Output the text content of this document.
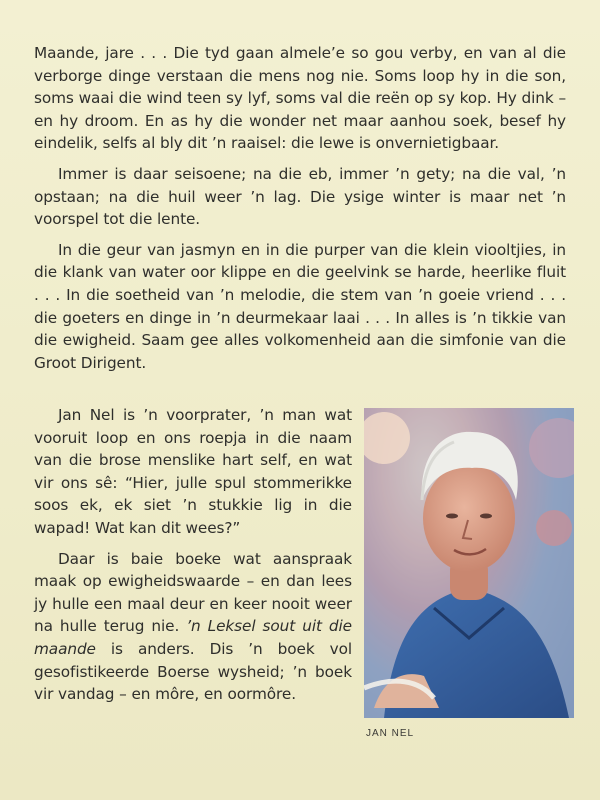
Maande, jare . . . Die tyd gaan almele’e so gou verby, en van al die verborge dinge verstaan die mens nog nie. Soms loop hy in die son, soms waai die wind teen sy lyf, soms val die reën op sy kop. Hy dink – en hy droom. En as hy die wonder net maar aanhou soek, besef hy eindelik, selfs al bly dit ’n raaisel: die lewe is onvernietigbaar.

Immer is daar seisoene; na die eb, immer ’n gety; na die val, ’n opstaan; na die huil weer ’n lag. Die ysige winter is maar net ’n voorspel tot die lente.

In die geur van jasmyn en in die purper van die klein viooltjies, in die klank van water oor klippe en die geelvink se harde, heerlike fluit . . . In die soetheid van ’n melodie, die stem van ’n goeie vriend . . . die goeters en dinge in ’n deurmekaar laai . . . In alles is ’n tikkie van die ewigheid. Saam gee alles volkomenheid aan die simfonie van die Groot Dirigent.

Jan Nel is ’n voorprater, ’n man wat vooruit loop en ons roepja in die naam van die brose menslike hart self, en wat vir ons sê: “Hier, julle spul stommerikke soos ek, ek siet ’n stukkie lig in die wapad! Wat kan dit wees?”

Daar is baie boeke wat aanspraak maak op ewigheidswaarde – en dan lees jy hulle een maal deur en keer nooit weer na hulle terug nie. ’n Leksel sout uit die maande is anders. Dis ’n boek vol gesofistikeerde Boerse wysheid; ’n boek vir vandag – en môre, en oormôre.

JAN NEL
